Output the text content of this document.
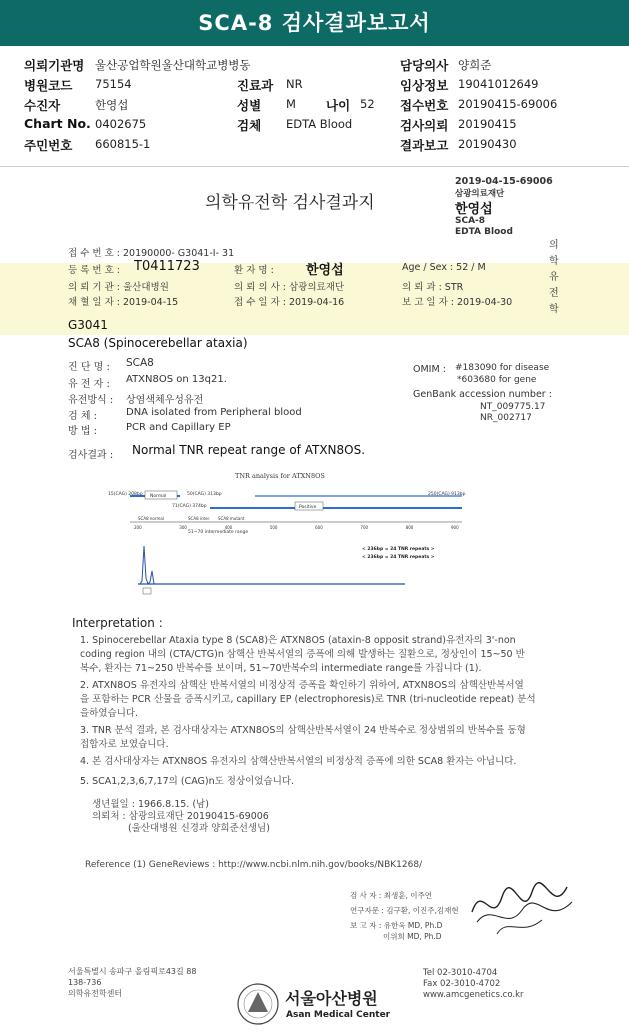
SCA-8 검사결과보고서
의뢰기관명 울산공업학원울산대학교병병동	담당의사 양희준
병원코드 75154	진료과 NR	임상정보 19041012649
수진자	한영섭	성별 M 나이 52 접수번호 20190415-69006
Chart No. 0402675	검체 EDTA Blood	검사의뢰 20190415
주민번호 660815-1	결과보고 20190430
의학유전학 검사결과지
2019-04-15-69006
삼광의료재단
한영섭
SCA-8
EDTA Blood
접 수 번 호 : 20190000- G3041-I- 31
등 록 번 호 : T0411723	환 자 명 : 한영섭	Age / Sex : 52 / M
의 뢰 기 관 : 울산대병원	의 뢰 의 사 : 삼광의료재단	의 뢰 과 : STR
채 혈 일 자 : 2019-04-15	접 수 일 자 : 2019-04-16	보 고 일 자 : 2019-04-30
의학유전학
G3041
SCA8 (Spinocerebellar ataxia)
진 단 명 : SCA8
유 전 자 : ATXN8OS on 13q21.
유전방식 : 상염색체우성유전
검 체 :	DNA isolated from Peripheral blood
방 법 :	PCR and Capillary EP
OMIM : #183090 for disease
*603680 for gene
GenBank accession number :
NT_009775.17
NR_002717
검사결과 : Normal TNR repeat range of ATXN8OS.
TNR analysis for ATXN8OS
15(CAG) 208bp Normal	50(CAG) 313bp
71(CAG) 374bp	Positive
250(CAG) 913bp
200	300	400	500	600	700	800	900
SCA8 normal	SCA8 inter. SCA8 mutant
51~70 intermediate range
< 236bp = 24 TNR repeats >
< 236bp = 24 TNR repeats >
Interpretation :
1. Spinocerebellar Ataxia type 8 (SCA8)은 ATXN8OS (ataxin-8 opposit strand)유전자의 3'-non
coding region 내의 (CTA/CTG)n 삼핵산 반복서열의 증폭에 의해 발생하는 질환으로, 정상인이 15~50 반
복수, 환자는 71~250 반복수를 보이며, 51~70반복수의 intermediate range를 가집니다 (1).
2. ATXN8OS 유전자의 삼핵산 반복서열의 비정상적 증폭을 확인하기 위하여, ATXN8OS의 삼핵산반복서열
을 포함하는 PCR 산물을 증폭시키고, capillary EP (electrophoresis)로 TNR (tri-nucleotide repeat) 분석
을하였습니다.
3. TNR 분석 결과, 본 검사대상자는 ATXN8OS의 삼핵산반복서열이 24 반복수로 정상범위의 반복수를 동형
접합자로 보였습니다.
4. 본 검사대상자는 ATXN8OS 유전자의 삼핵산반복서열의 비정상적 증폭에 의한 SCA8 환자는 아닙니다.
5. SCA1,2,3,6,7,17의 (CAG)n도 정상이었습니다.
생년월일 : 1966.8.15. (남)
의뢰처 : 삼광의료재단 20190415-69006
(울산대병원 신경과 양희준선생님)
Reference (1) GeneReviews : http://www.ncbi.nlm.nih.gov/books/NBK1268/
검 사 자 : 최생훈, 이주연
연구자문 : 김구환, 이진주,김재현
보 고 자 : 유한욱 MD, Ph.D
이위희 MD, Ph.D
서울특별시 송파구 올림픽로43길 88
138-736
의학유전학센터	서울아산병원
Asan Medical Center
Tel 02-3010-4704
Fax 02-3010-4702
www.amcgenetics.co.kr
